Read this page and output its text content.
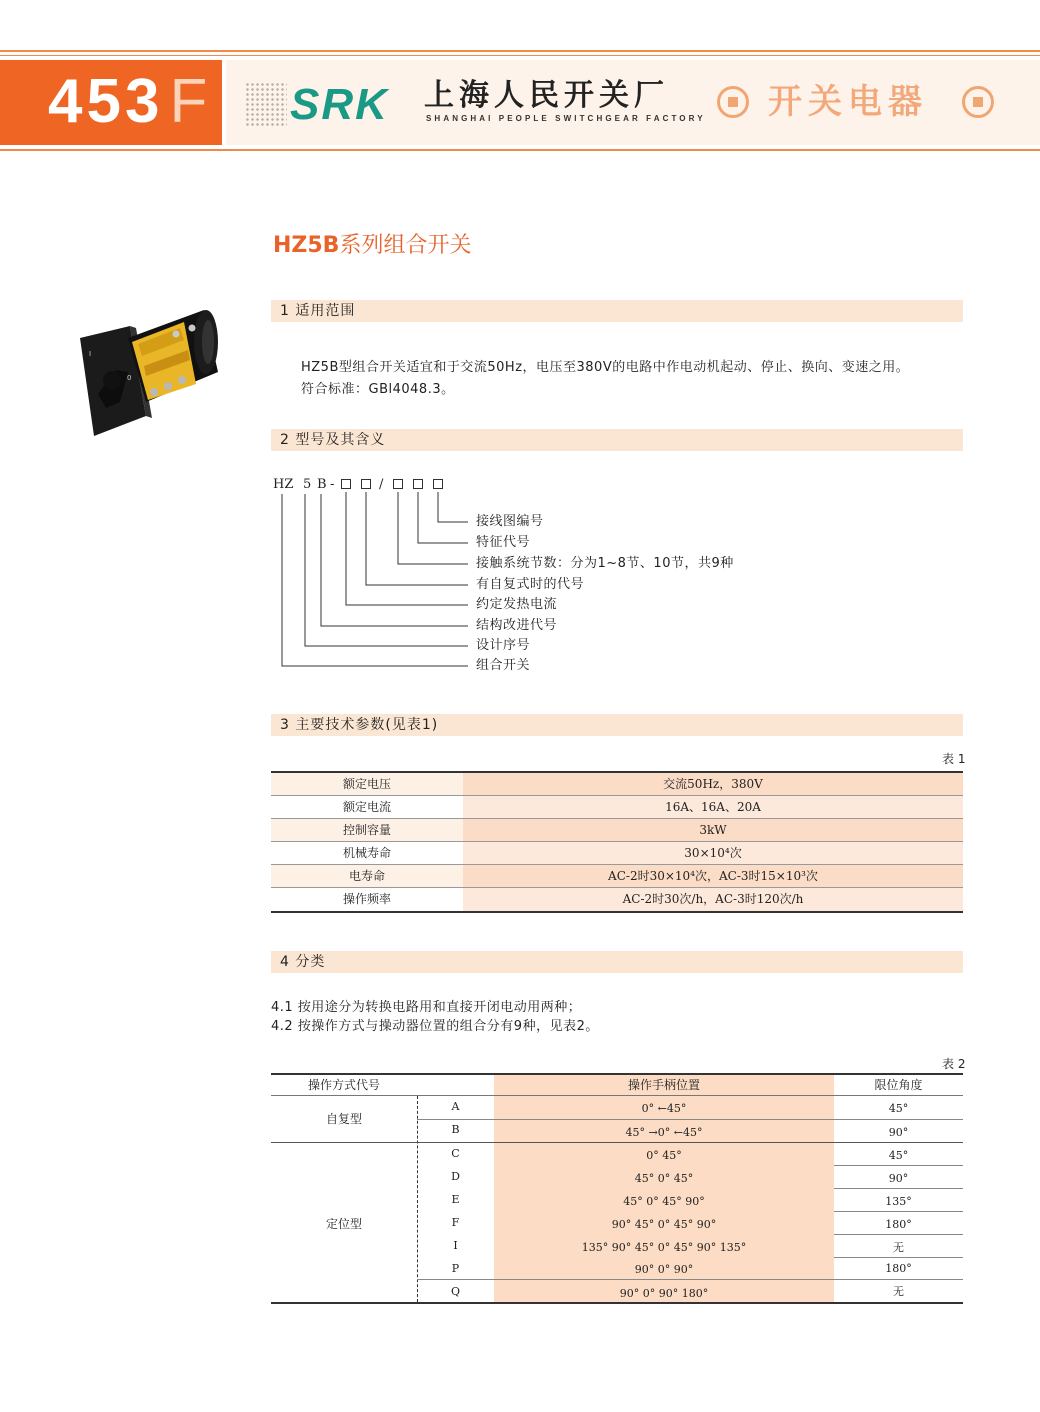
453F SRK 上海人民开关厂
SHANGHAI PEOPLE SWITCHGEAR FACTORY 开关电器
HZ5B系列组合开关
I
0
1 适用范围
HZ5B型组合开关适宜和于交流50Hz，电压至380V的电路中作电动机起动、停止、换向、变速之用。
符合标准：GBl4048.3。
2 型号及其含义
HZ 5 B -	/
接线图编号
特征代号
接触系统节数：分为1~8节、10节，共9种
有自复式时的代号
约定发热电流
结构改进代号
设计序号
组合开关
3 主要技术参数(见表1)
表 1
额定电压	交流50Hz，380V
额定电流	16A、16A、20A
控制容量	3kW
机械寿命	30×10⁴次
电寿命	AC-2时30×10⁴次，AC-3时15×10³次
操作频率	AC-2时30次/h，AC-3时120次/h
4 分类
4.1 按用途分为转换电路用和直接开闭电动用两种；
4.2 按操作方式与操动器位置的组合分有9种，见表2。
表 2
操作方式代号	操作手柄位置	限位角度
自复型
定位型
A	0° ←45°	45°
B	45° →0° ←45°	90°
C	0° 45°	45°
D	45° 0° 45°	90°
E	45° 0° 45° 90°	135°
F	90° 45° 0° 45° 90°	180°
I	135° 90° 45° 0° 45° 90° 135°	无
P	90° 0° 90°	180°
Q	90° 0° 90° 180°	无
